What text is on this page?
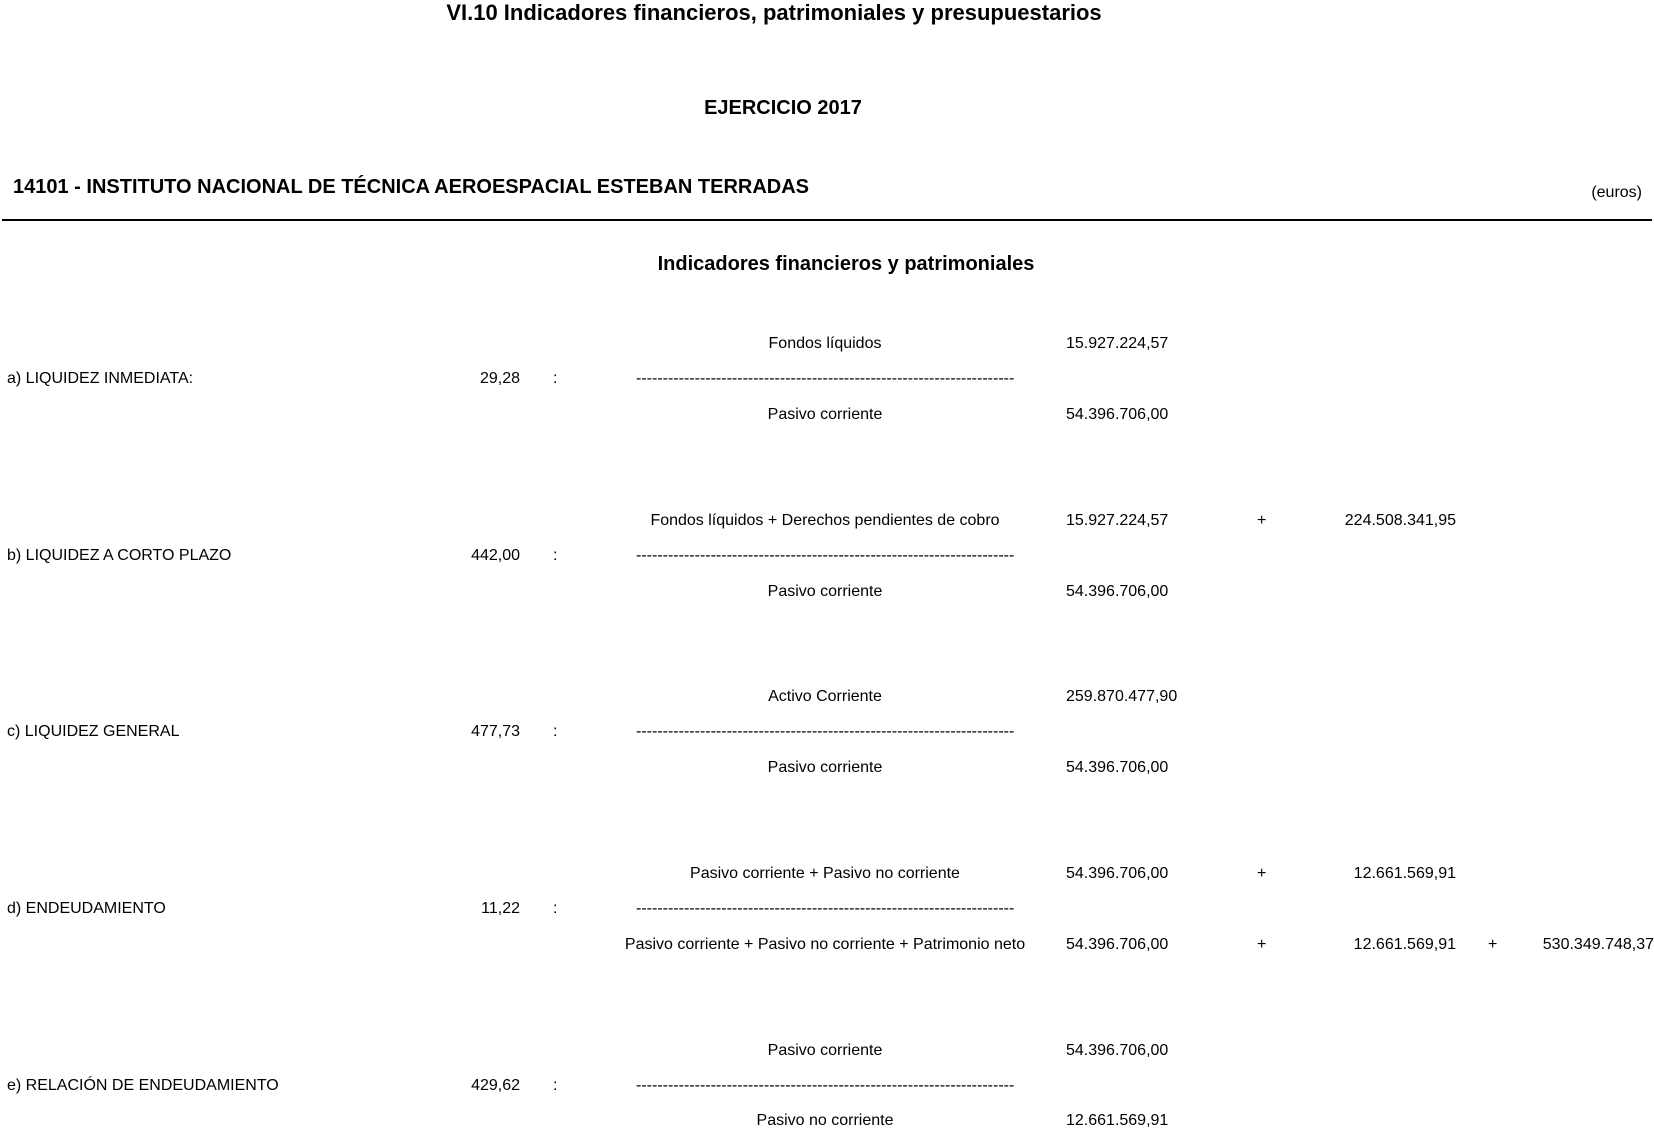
VI.10 Indicadores financieros, patrimoniales y presupuestarios
EJERCICIO 2017
14101 - INSTITUTO NACIONAL DE TÉCNICA AEROESPACIAL ESTEBAN TERRADAS	(euros)
Indicadores financieros y patrimoniales
Fondos líquidos	15.927.224,57
a) LIQUIDEZ INMEDIATA:	29,28 :	-----------------------------------------------------------------------
Pasivo corriente	54.396.706,00
Fondos líquidos + Derechos pendientes de cobro	15.927.224,57	+	224.508.341,95
b) LIQUIDEZ A CORTO PLAZO	442,00 :	-----------------------------------------------------------------------
Pasivo corriente	54.396.706,00
Activo Corriente	259.870.477,90
c) LIQUIDEZ GENERAL	477,73 :	-----------------------------------------------------------------------
Pasivo corriente	54.396.706,00
Pasivo corriente + Pasivo no corriente	54.396.706,00	+	12.661.569,91
d) ENDEUDAMIENTO	11,22 :	-----------------------------------------------------------------------
Pasivo corriente + Pasivo no corriente + Patrimonio neto	54.396.706,00	+	12.661.569,91 +	530.349.748,37
Pasivo corriente	54.396.706,00
e) RELACIÓN DE ENDEUDAMIENTO	429,62 :	-----------------------------------------------------------------------
Pasivo no corriente	12.661.569,91
